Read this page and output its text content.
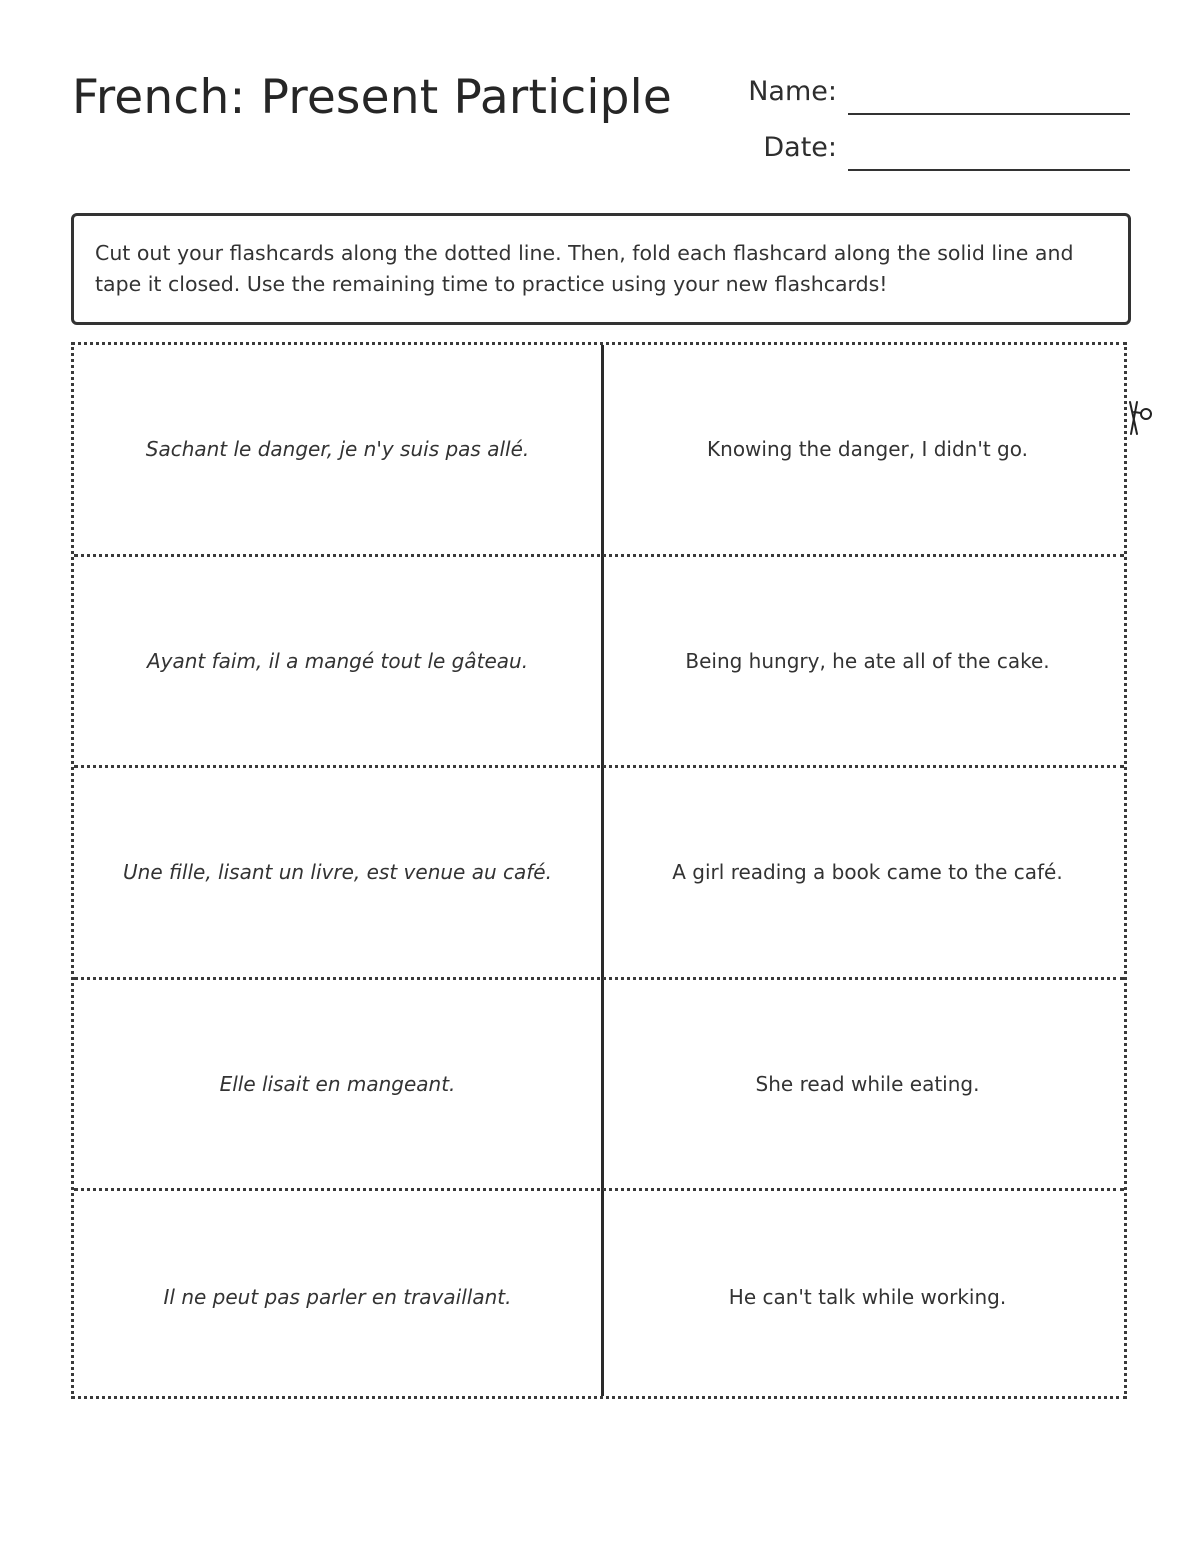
French: Present Participle	Name:
Date:
Cut out your flashcards along the dotted line. Then, fold each flashcard along the solid line and tape it closed. Use the remaining time to practice using your new flashcards!
Sachant le danger, je n'y suis pas allé.	Knowing the danger, I didn't go.
Ayant faim, il a mangé tout le gâteau.	Being hungry, he ate all of the cake.
Une fille, lisant un livre, est venue au café.	A girl reading a book came to the café.
Elle lisait en mangeant.	She read while eating.
Il ne peut pas parler en travaillant.	He can't talk while working.
